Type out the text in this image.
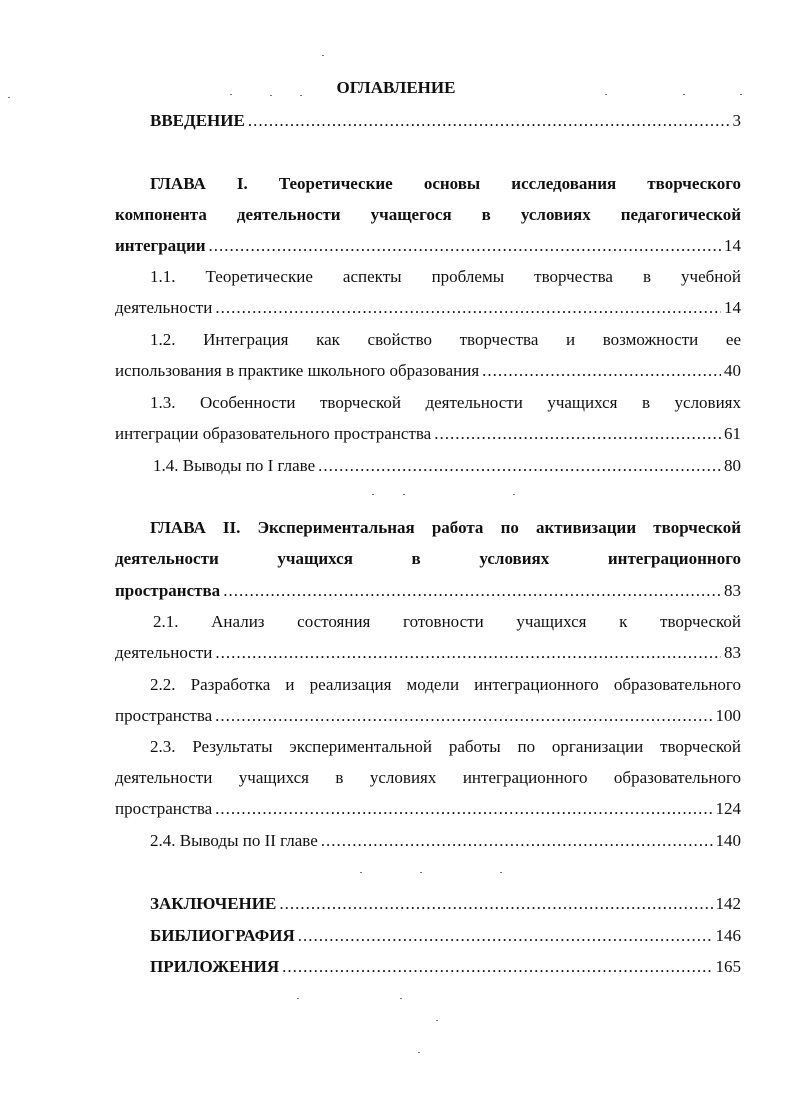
ОГЛАВЛЕНИЕ
ВВЕДЕНИЕ .....	3
ГЛАВА I. Теоретические основы исследования творческого
компонента деятельности учащегося в условиях педагогической
интеграции .....	14
1.1. Теоретические аспекты проблемы творчества в учебной
деятельности .....	14
1.2. Интеграция как свойство творчества и возможности ее
использования в практике школьного образования .....	40
1.3. Особенности творческой деятельности учащихся в условиях
интеграции образовательного пространства .....	61
1.4. Выводы по I главе .....	80
ГЛАВА II. Экспериментальная работа по активизации творческой
деятельности учащихся в условиях интеграционного
пространства .....	83
2.1. Анализ состояния готовности учащихся к творческой
деятельности .....	83
2.2. Разработка и реализация модели интеграционного образовательного
пространства .....	100
2.3. Результаты экспериментальной работы по организации творческой
деятельности учащихся в условиях интеграционного образовательного
пространства .....	124
2.4. Выводы по II главе .....	140
ЗАКЛЮЧЕНИЕ .....	142
БИБЛИОГРАФИЯ .....	146
ПРИЛОЖЕНИЯ .....	165
